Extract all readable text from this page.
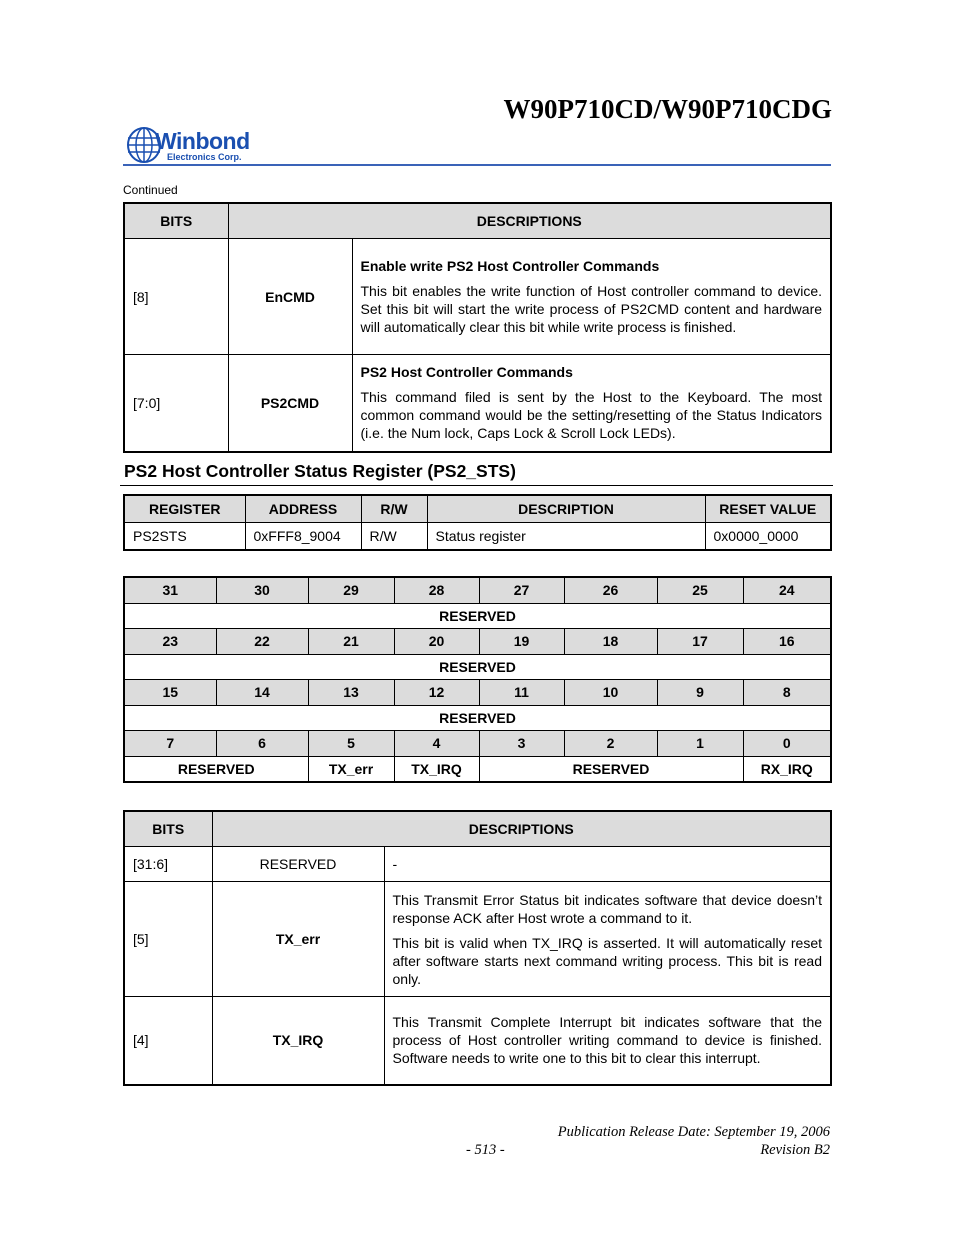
W90P710CD/W90P710CDG
Winbond
Electronics Corp.
Continued
BITS	DESCRIPTIONS	
[8]	EnCMD	Enable write PS2 Host Controller Commands

This bit enables the write function of Host controller command to device. Set this bit will start the write process of PS2CMD content and hardware will automatically clear this bit while write process is finished.

[7:0]	PS2CMD	PS2 Host Controller Commands

This command filed is sent by the Host to the Keyboard. The most common command would be the setting/resetting of the Status Indicators (i.e. the Num lock, Caps Lock & Scroll Lock LEDs).

PS2 Host Controller Status Register (PS2_STS)
REGISTER	ADDRESS	R/W	DESCRIPTION	RESET VALUE
PS2STS	0xFFF8_9004	R/W	Status register	0x0000_0000
31	30	29	28	27	26	25	24
RESERVED							
23	22	21	20	19	18	17	16
RESERVED							
15	14	13	12	11	10	9	8
RESERVED							
7	6	5	4	3	2	1	0
RESERVED		TX_err	TX_IRQ	RESERVED			RX_IRQ
BITS	DESCRIPTIONS	
[31:6]	RESERVED	-
[5]	TX_err	This Transmit Error Status bit indicates software that device doesn’t response ACK after Host wrote a command to it.

This bit is valid when TX_IRQ is asserted. It will automatically reset after software starts next command writing process. This bit is read only.

[4]	TX_IRQ	This Transmit Complete Interrupt bit indicates software that the process of Host controller writing command to device is finished. Software needs to write one to this bit to clear this interrupt.

Publication Release Date: September 19, 2006
- 513 -	Revision B2
